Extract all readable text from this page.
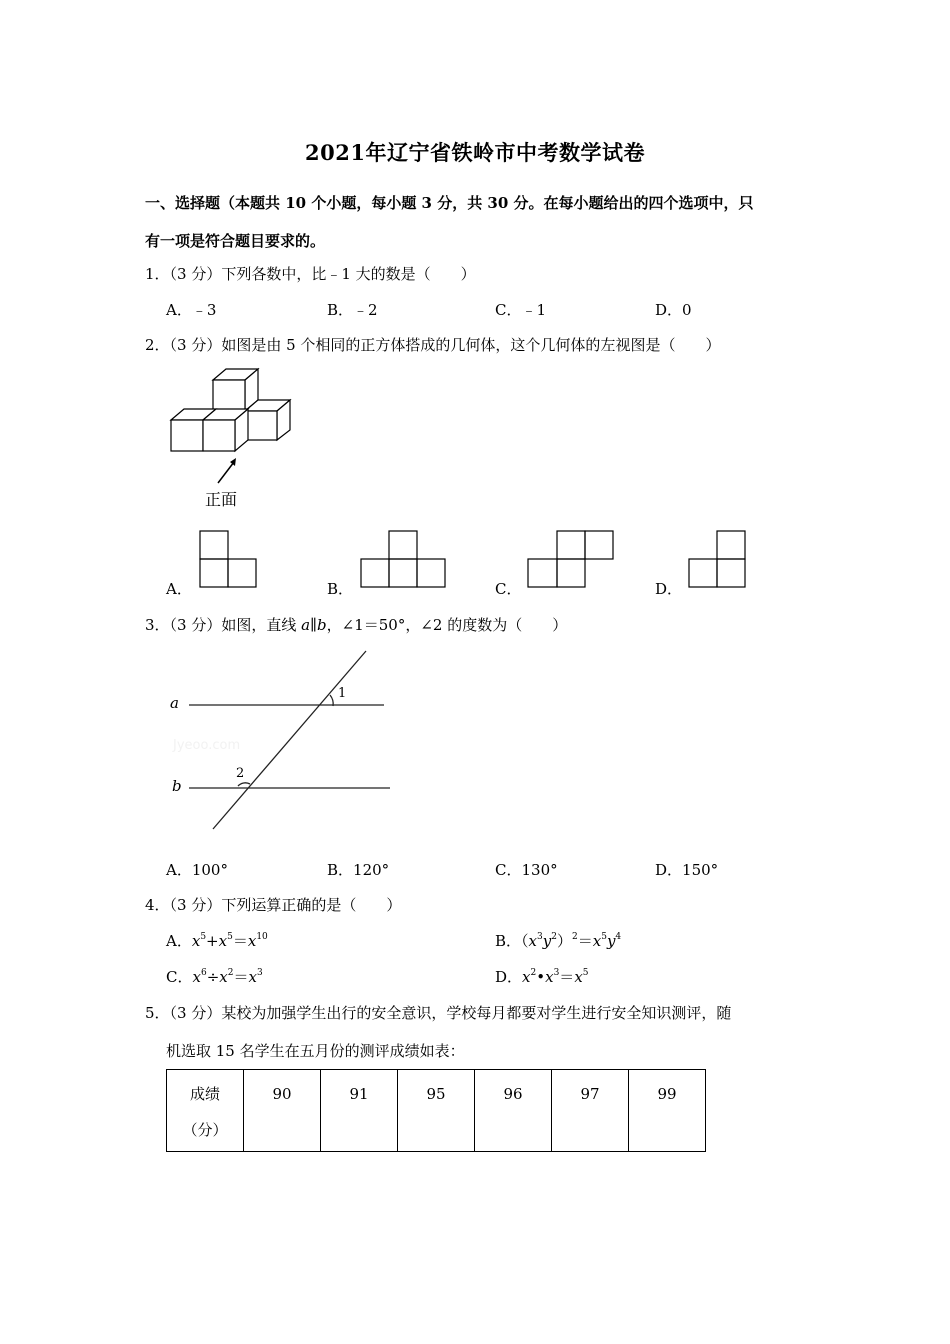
2021年辽宁省铁岭市中考数学试卷
一、选择题（本题共 10 个小题，每小题 3 分，共 30 分。在每小题给出的四个选项中，只
有一项是符合题目要求的。
1．（3 分）下列各数中，比﹣1 大的数是（　　）
A．﹣3	B．﹣2	C．﹣1	D．0
2．（3 分）如图是由 5 个相同的正方体搭成的几何体，这个几何体的左视图是（　　）
正面
A．	B．	C．	D．
3．（3 分）如图，直线 a∥b，∠1＝50°，∠2 的度数为（　　）
a
b
1
2
Jyeoo.com
A．100°	B．120°	C．130°	D．150°
4．（3 分）下列运算正确的是（　　）
A．$x^5+x^5=x^{10}$	B．$(x^3y^2)^2=x^5y^4$
C．$x^6\div x^2=x^3$	D．$x^2•x^3=x^5$
5．（3 分）某校为加强学生出行的安全意识，学校每月都要对学生进行安全知识测评，随
机选取 15 名学生在五月份的测评成绩如表：
成绩
（分）
	90	91	95	96	97	99
